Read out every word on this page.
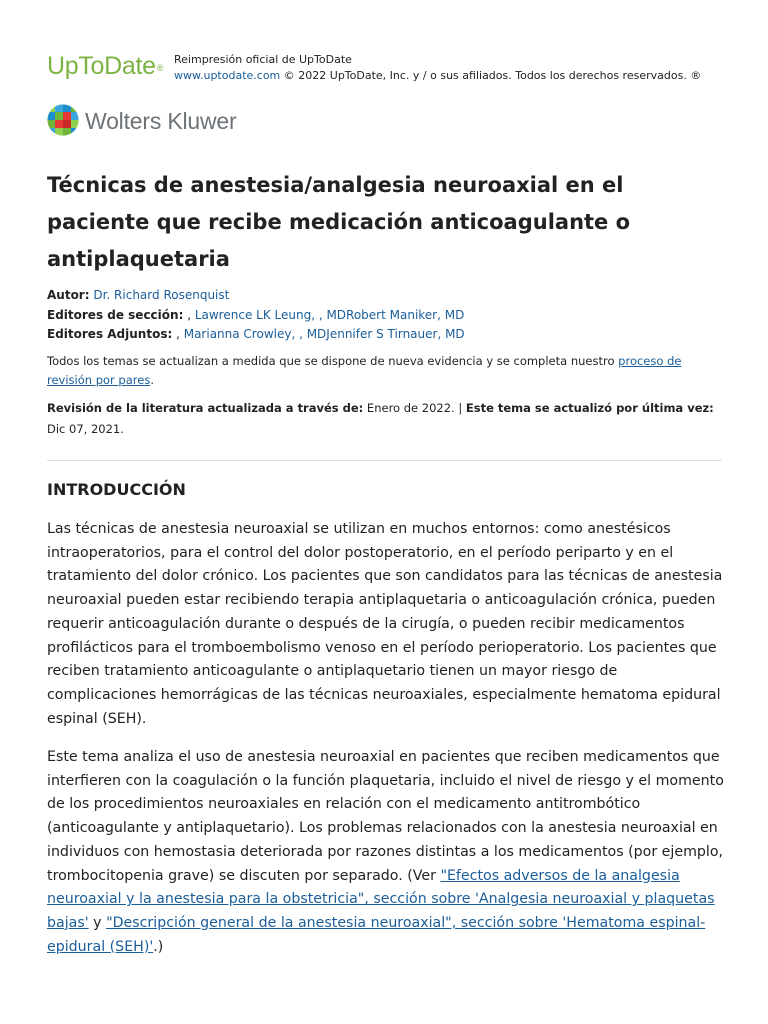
UpToDate®
Reimpresión oficial de UpToDate
www.uptodate.com © 2022 UpToDate, Inc. y / o sus afiliados. Todos los derechos reservados. ®
Wolters Kluwer
Técnicas de anestesia/analgesia neuroaxial en el paciente que recibe medicación anticoagulante o antiplaquetaria
Autor: Dr. Richard Rosenquist
Editores de sección: , Lawrence LK Leung, , MDRobert Maniker, MD
Editores Adjuntos: , Marianna Crowley, , MDJennifer S Tirnauer, MD
Todos los temas se actualizan a medida que se dispone de nueva evidencia y se completa nuestro proceso de revisión por pares.
Revisión de la literatura actualizada a través de: Enero de 2022. | Este tema se actualizó por última vez: Dic 07, 2021.
INTRODUCCIÓN

Las técnicas de anestesia neuroaxial se utilizan en muchos entornos: como anestésicos intraoperatorios, para el control del dolor postoperatorio, en el período periparto y en el tratamiento del dolor crónico. Los pacientes que son candidatos para las técnicas de anestesia neuroaxial pueden estar recibiendo terapia antiplaquetaria o anticoagulación crónica, pueden requerir anticoagulación durante o después de la cirugía, o pueden recibir medicamentos profilácticos para el tromboembolismo venoso en el período perioperatorio. Los pacientes que reciben tratamiento anticoagulante o antiplaquetario tienen un mayor riesgo de complicaciones hemorrágicas de las técnicas neuroaxiales, especialmente hematoma epidural espinal (SEH).

Este tema analiza el uso de anestesia neuroaxial en pacientes que reciben medicamentos que interfieren con la coagulación o la función plaquetaria, incluido el nivel de riesgo y el momento de los procedimientos neuroaxiales en relación con el medicamento antitrombótico (anticoagulante y antiplaquetario). Los problemas relacionados con la anestesia neuroaxial en individuos con hemostasia deteriorada por razones distintas a los medicamentos (por ejemplo, trombocitopenia grave) se discuten por separado. (Ver "Efectos adversos de la analgesia neuroaxial y la anestesia para la obstetricia", sección sobre 'Analgesia neuroaxial y plaquetas bajas' y "Descripción general de la anestesia neuroaxial", sección sobre 'Hematoma espinal-epidural (SEH)'.)
